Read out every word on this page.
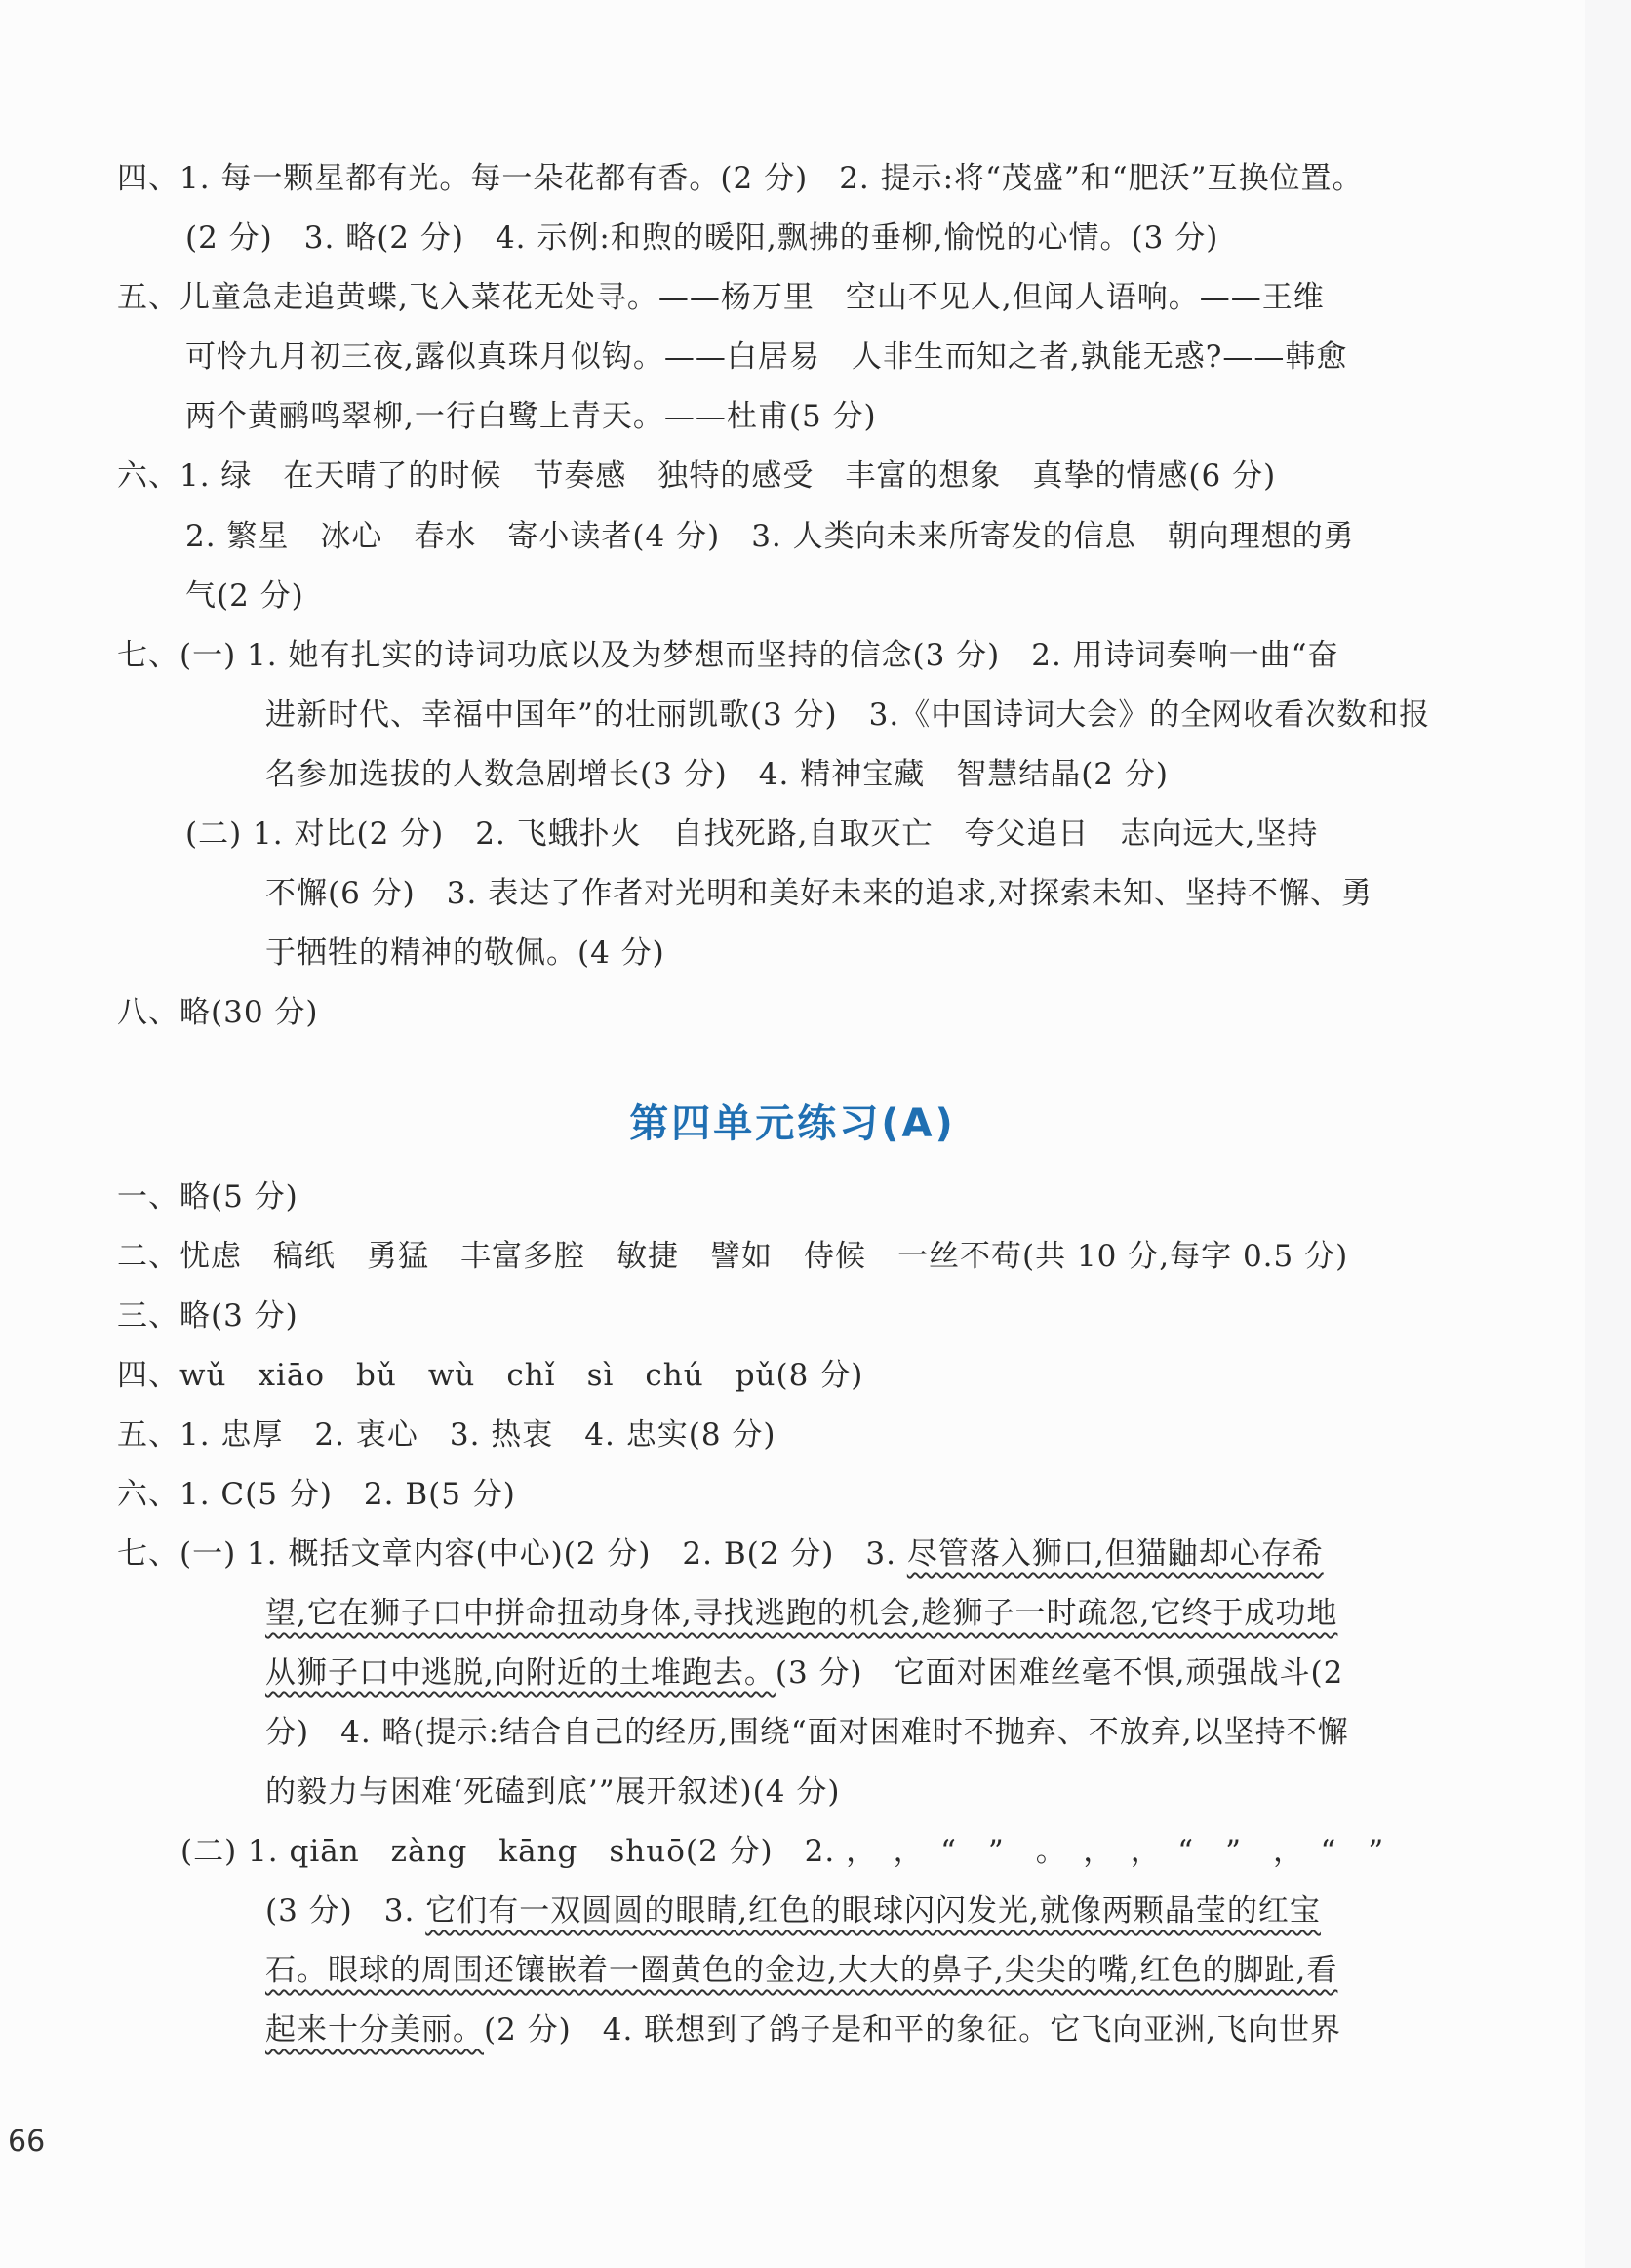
四、1. 每一颗星都有光。每一朵花都有香。(2 分)　2. 提示:将“茂盛”和“肥沃”互换位置。
(2 分)　3. 略(2 分)　4. 示例:和煦的暖阳,飘拂的垂柳,愉悦的心情。(3 分)
五、儿童急走追黄蝶,飞入菜花无处寻。——杨万里　空山不见人,但闻人语响。——王维
可怜九月初三夜,露似真珠月似钩。——白居易　人非生而知之者,孰能无惑?——韩愈
两个黄鹂鸣翠柳,一行白鹭上青天。——杜甫(5 分)
六、1. 绿　在天晴了的时候　节奏感　独特的感受　丰富的想象　真挚的情感(6 分)
2. 繁星　冰心　春水　寄小读者(4 分)　3. 人类向未来所寄发的信息　朝向理想的勇
气(2 分)
七、(一) 1. 她有扎实的诗词功底以及为梦想而坚持的信念(3 分)　2. 用诗词奏响一曲“奋
进新时代、幸福中国年”的壮丽凯歌(3 分)　3.《中国诗词大会》的全网收看次数和报
名参加选拔的人数急剧增长(3 分)　4. 精神宝藏　智慧结晶(2 分)
(二) 1. 对比(2 分)　2. 飞蛾扑火　自找死路,自取灭亡　夸父追日　志向远大,坚持
不懈(6 分)　3. 表达了作者对光明和美好未来的追求,对探索未知、坚持不懈、勇
于牺牲的精神的敬佩。(4 分)
八、略(30 分)
第四单元练习(A)
一、略(5 分)
二、忧虑　稿纸　勇猛　丰富多腔　敏捷　譬如　侍候　一丝不苟(共 10 分,每字 0.5 分)
三、略(3 分)
四、wǔ　xiāo　bǔ　wù　chǐ　sì　chú　pǔ(8 分)
五、1. 忠厚　2. 衷心　3. 热衷　4. 忠实(8 分)
六、1. C(5 分)　2. B(5 分)
七、(一) 1. 概括文章内容(中心)(2 分)　2. B(2 分)　3. 尽管落入狮口,但猫鼬却心存希
望,它在狮子口中拼命扭动身体,寻找逃跑的机会,趁狮子一时疏忽,它终于成功地
从狮子口中逃脱,向附近的土堆跑去。(3 分)　它面对困难丝毫不惧,顽强战斗(2
分)　4. 略(提示:结合自己的经历,围绕“面对困难时不抛弃、不放弃,以坚持不懈
的毅力与困难‘死磕到底’”展开叙述)(4 分)
(二) 1. qiān　zàng　kāng　shuō(2 分)　2. ，　，　“　”　。　，　，　“　”　，　“　”
(3 分)　3. 它们有一双圆圆的眼睛,红色的眼球闪闪发光,就像两颗晶莹的红宝
石。眼球的周围还镶嵌着一圈黄色的金边,大大的鼻子,尖尖的嘴,红色的脚趾,看
起来十分美丽。(2 分)　4. 联想到了鸽子是和平的象征。它飞向亚洲,飞向世界
66
